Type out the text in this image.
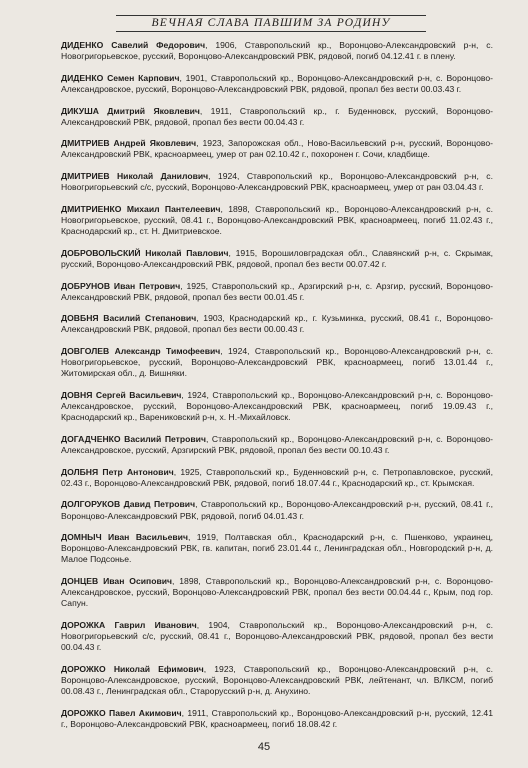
ВЕЧНАЯ СЛАВА ПАВШИМ ЗА РОДИНУ
ДИДЕНКО Савелий Федорович, 1906, Ставропольский кр., Воронцово-Александровский р-н, с. Новогригорьевское, русский, Воронцово-Александровский РВК, рядовой, погиб 04.12.41 г. в плену.
ДИДЕНКО Семен Карпович, 1901, Ставропольский кр., Воронцово-Александровский р-н, с. Воронцово-Александровское, русский, Воронцово-Александровский РВК, рядовой, пропал без вести 00.03.43 г.
ДИКУША Дмитрий Яковлевич, 1911, Ставропольский кр., г. Буденновск, русский, Воронцово-Александровский РВК, рядовой, пропал без вести 00.04.43 г.
ДМИТРИЕВ Андрей Яковлевич, 1923, Запорожская обл., Ново-Васильевский р-н, русский, Воронцово-Александровский РВК, красноармеец, умер от ран 02.10.42 г., похоронен г. Сочи, кладбище.
ДМИТРИЕВ Николай Данилович, 1924, Ставропольский кр., Воронцово-Александровский р-н, с. Новогригорьевский с/с, русский, Воронцово-Александровский РВК, красноармеец, умер от ран 03.04.43 г.
ДМИТРИЕНКО Михаил Пантелеевич, 1898, Ставропольский кр., Воронцово-Александровский р-н, с. Новогригорьевское, русский, 08.41 г., Воронцово-Александровский РВК, красноармеец, погиб 11.02.43 г., Краснодарский кр., ст. Н. Дмитриевское.
ДОБРОВОЛЬСКИЙ Николай Павлович, 1915, Ворошиловградская обл., Славянский р-н, с. Скрымак, русский, Воронцово-Александровский РВК, рядовой, пропал без вести 00.07.42 г.
ДОБРУНОВ Иван Петрович, 1925, Ставропольский кр., Арзгирский р-н, с. Арзгир, русский, Воронцово-Александровский РВК, рядовой, пропал без вести 00.01.45 г.
ДОВБНЯ Василий Степанович, 1903, Краснодарский кр., г. Кузьминка, русский, 08.41 г., Воронцово-Александровский РВК, рядовой, пропал без вести 00.00.43 г.
ДОВГОЛЕВ Александр Тимофеевич, 1924, Ставропольский кр., Воронцово-Александровский р-н, с. Новогригорьевское, русский, Воронцово-Александровский РВК, красноармеец, погиб 13.01.44 г., Житомирская обл., д. Вишняки.
ДОВНЯ Сергей Васильевич, 1924, Ставропольский кр., Воронцово-Александровский р-н, с. Воронцово-Александровское, русский, Воронцово-Александровский РВК, красноармеец, погиб 19.09.43 г., Краснодарский кр., Варениковский р-н, х. Н.-Михайловск.
ДОГАДЧЕНКО Василий Петрович, Ставропольский кр., Воронцово-Александровский р-н, с. Воронцово-Александровское, русский, Арзгирский РВК, рядовой, пропал без вести 00.10.43 г.
ДОЛБНЯ Петр Антонович, 1925, Ставропольский кр., Буденновский р-н, с. Петропавловское, русский, 02.43 г., Воронцово-Александровский РВК, рядовой, погиб 18.07.44 г., Краснодарский кр., ст. Крымская.
ДОЛГОРУКОВ Давид Петрович, Ставропольский кр., Воронцово-Александровский р-н, русский, 08.41 г., Воронцово-Александровский РВК, рядовой, погиб 04.01.43 г.
ДОМНЫЧ Иван Васильевич, 1919, Полтавская обл., Краснодарский р-н, с. Пшенково, украинец, Воронцово-Александровский РВК, гв. капитан, погиб 23.01.44 г., Ленинградская обл., Новгородский р-н, д. Малое Подсонье.
ДОНЦЕВ Иван Осипович, 1898, Ставропольский кр., Воронцово-Александровский р-н, с. Воронцово-Александровское, русский, Воронцово-Александровский РВК, пропал без вести 00.04.44 г., Крым, под гор. Сапун.
ДОРОЖКА Гаврил Иванович, 1904, Ставропольский кр., Воронцово-Александровский р-н, с. Новогригорьевский с/с, русский, 08.41 г., Воронцово-Александровский РВК, рядовой, пропал без вести 00.04.43 г.
ДОРОЖКО Николай Ефимович, 1923, Ставропольский кр., Воронцово-Александровский р-н, с. Воронцово-Александровское, русский, Воронцово-Александровский РВК, лейтенант, чл. ВЛКСМ, погиб 00.08.43 г., Ленинградская обл., Старорусский р-н, д. Анухино.
ДОРОЖКО Павел Акимович, 1911, Ставропольский кр., Воронцово-Александровский р-н, русский, 12.41 г., Воронцово-Александровский РВК, красноармеец, погиб 18.08.42 г.
45
